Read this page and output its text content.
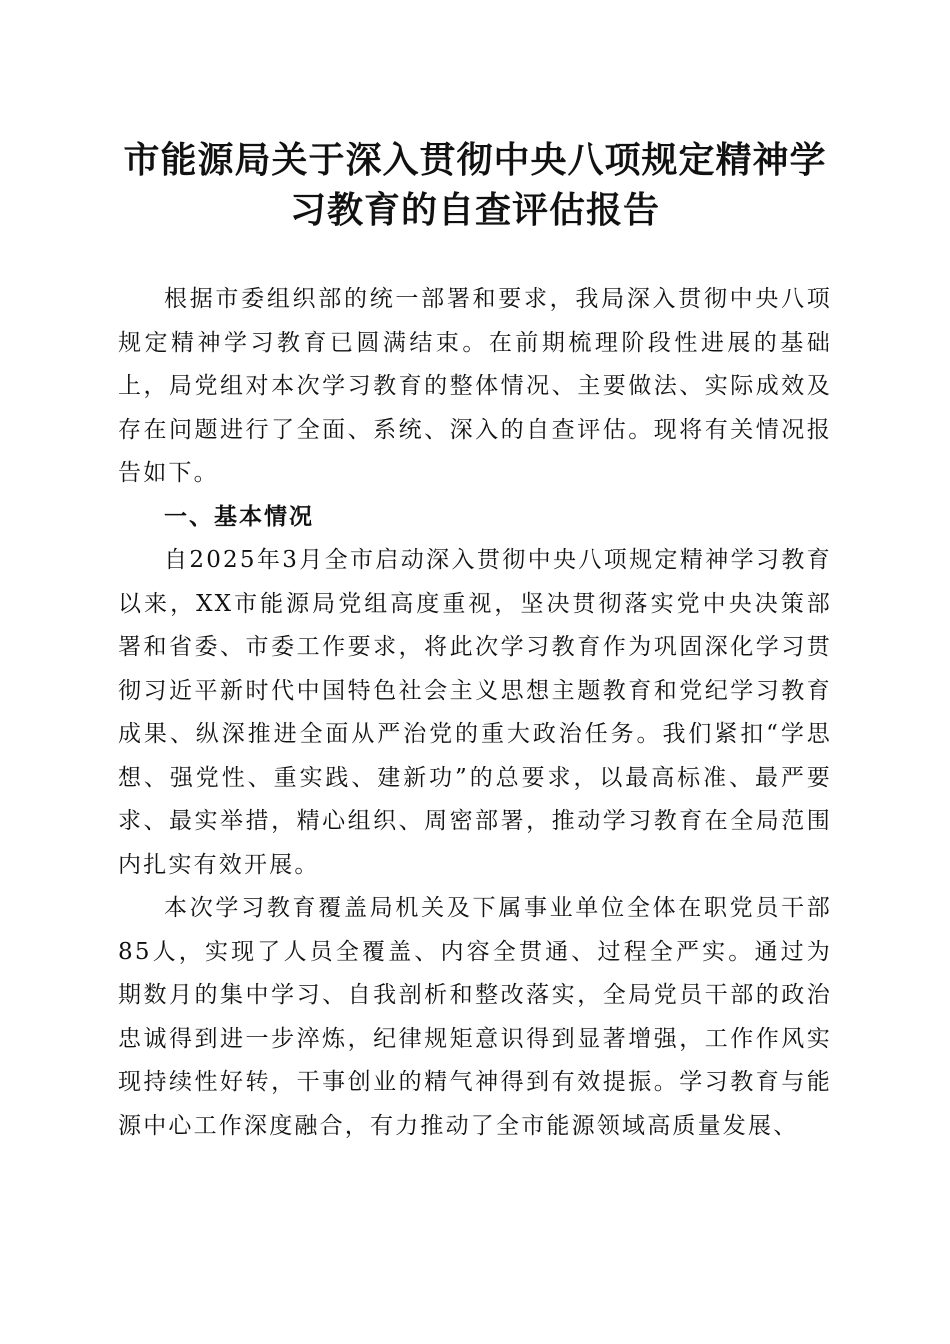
市能源局关于深入贯彻中央八项规定精神学习教育的自查评估报告

根据市委组织部的统一部署和要求，我局深入贯彻中央八项规定精神学习教育已圆满结束。在前期梳理阶段性进展的基础上，局党组对本次学习教育的整体情况、主要做法、实际成效及存在问题进行了全面、系统、深入的自查评估。现将有关情况报告如下。

一、基本情况

自2025年3月全市启动深入贯彻中央八项规定精神学习教育以来，XX市能源局党组高度重视，坚决贯彻落实党中央决策部署和省委、市委工作要求，将此次学习教育作为巩固深化学习贯彻习近平新时代中国特色社会主义思想主题教育和党纪学习教育成果、纵深推进全面从严治党的重大政治任务。我们紧扣“学思想、强党性、重实践、建新功”的总要求，以最高标准、最严要求、最实举措，精心组织、周密部署，推动学习教育在全局范围内扎实有效开展。

本次学习教育覆盖局机关及下属事业单位全体在职党员干部85人，实现了人员全覆盖、内容全贯通、过程全严实。通过为期数月的集中学习、自我剖析和整改落实，全局党员干部的政治忠诚得到进一步淬炼，纪律规矩意识得到显著增强，工作作风实现持续性好转，干事创业的精气神得到有效提振。学习教育与能源中心工作深度融合，有力推动了全市能源领域高质量发展、
